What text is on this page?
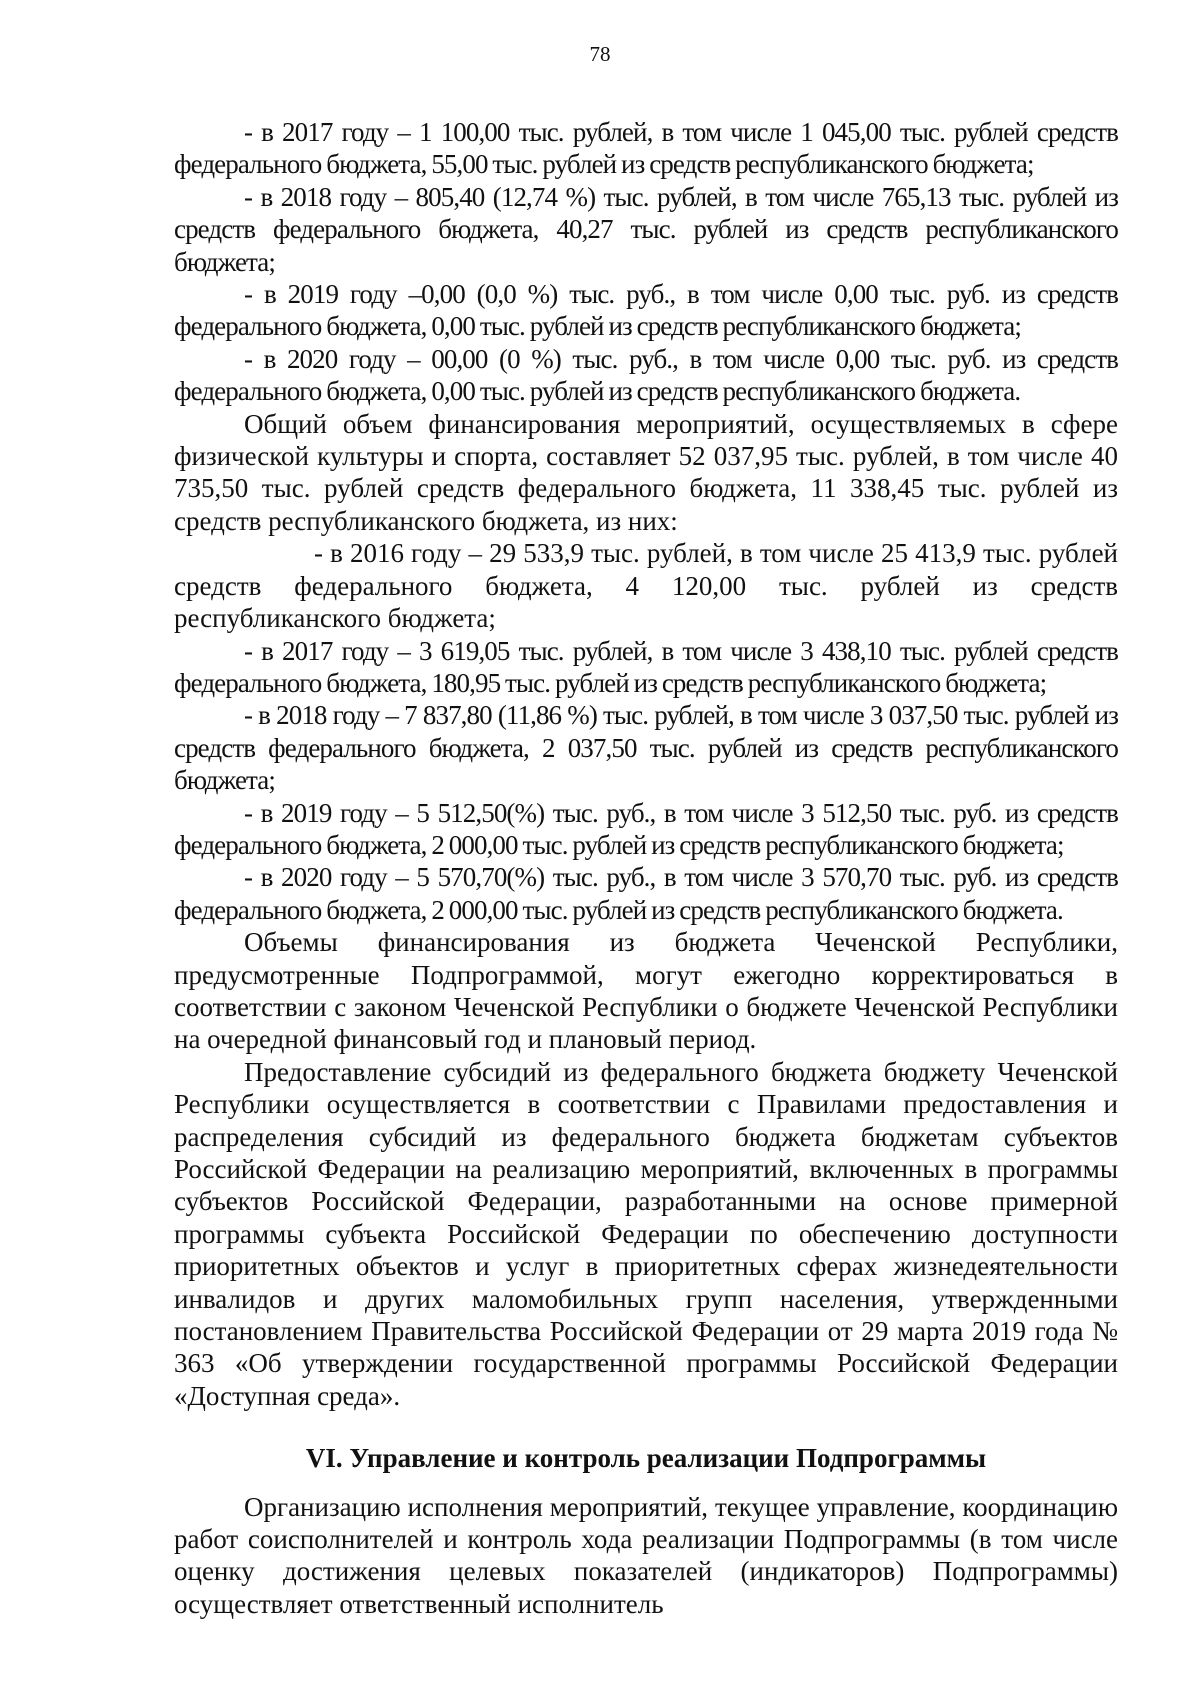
78

- в 2017 году – 1 100,00 тыс. рублей, в том числе 1 045,00 тыс. рублей средств федерального бюджета, 55,00 тыс. рублей из средств республиканского бюджета;

- в 2018 году – 805,40 (12,74 %) тыс. рублей, в том числе 765,13 тыс. рублей из средств федерального бюджета, 40,27 тыс. рублей из средств республиканского бюджета;

- в 2019 году –0,00 (0,0 %) тыс. руб., в том числе 0,00 тыс. руб. из средств федерального бюджета, 0,00 тыс. рублей из средств республиканского бюджета;

- в 2020 году – 00,00 (0 %) тыс. руб., в том числе 0,00 тыс. руб. из средств федерального бюджета, 0,00 тыс. рублей из средств республиканского бюджета.

Общий объем финансирования мероприятий, осуществляемых в сфере физической культуры и спорта, составляет 52 037,95 тыс. рублей, в том числе 40 735,50 тыс. рублей средств федерального бюджета, 11 338,45 тыс. рублей из средств республиканского бюджета, из них:

- в 2016 году – 29 533,9 тыс. рублей, в том числе 25 413,9 тыс. рублей средств федерального бюджета, 4 120,00 тыс. рублей из средств республиканского бюджета;

- в 2017 году – 3 619,05 тыс. рублей, в том числе 3 438,10 тыс. рублей средств федерального бюджета, 180,95 тыс. рублей из средств республиканского бюджета;

- в 2018 году – 7 837,80 (11,86 %) тыс. рублей, в том числе 3 037,50 тыс. рублей из средств федерального бюджета, 2 037,50 тыс. рублей из средств республиканского бюджета;

- в 2019 году – 5 512,50(%) тыс. руб., в том числе 3 512,50 тыс. руб. из средств федерального бюджета, 2 000,00 тыс. рублей из средств республиканского бюджета;

- в 2020 году – 5 570,70(%) тыс. руб., в том числе 3 570,70 тыс. руб. из средств федерального бюджета, 2 000,00 тыс. рублей из средств республиканского бюджета.

Объемы финансирования из бюджета Чеченской Республики, предусмотренные Подпрограммой, могут ежегодно корректироваться в соответствии с законом Чеченской Республики о бюджете Чеченской Республики на очередной финансовый год и плановый период.

Предоставление субсидий из федерального бюджета бюджету Чеченской Республики осуществляется в соответствии с Правилами предоставления и распределения субсидий из федерального бюджета бюджетам субъектов Российской Федерации на реализацию мероприятий, включенных в программы субъектов Российской Федерации, разработанными на основе примерной программы субъекта Российской Федерации по обеспечению доступности приоритетных объектов и услуг в приоритетных сферах жизнедеятельности инвалидов и других маломобильных групп населения, утвержденными постановлением Правительства Российской Федерации от 29 марта 2019 года № 363 «Об утверждении государственной программы Российской Федерации «Доступная среда».

VI. Управление и контроль реализации Подпрограммы

Организацию исполнения мероприятий, текущее управление, координацию работ соисполнителей и контроль хода реализации Подпрограммы (в том числе оценку достижения целевых показателей (индикаторов) Подпрограммы) осуществляет ответственный исполнитель
